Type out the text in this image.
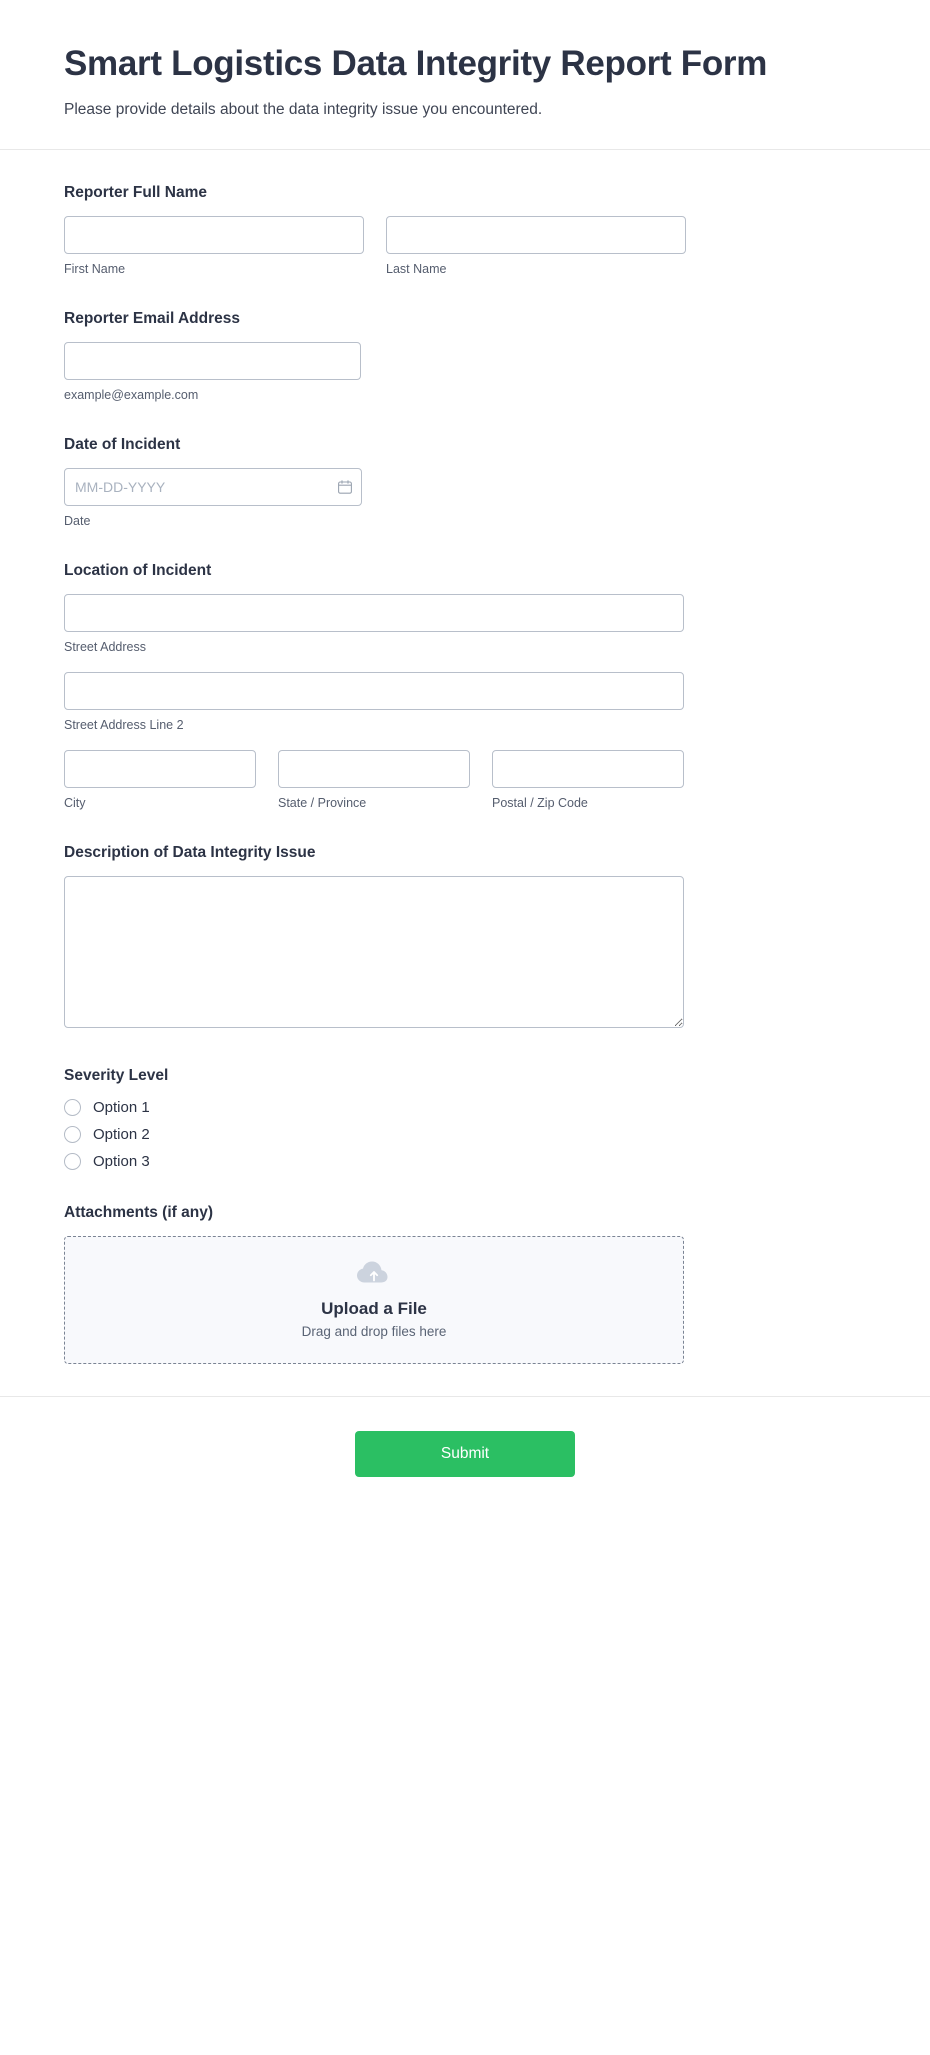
Smart Logistics Data Integrity Report Form

Please provide details about the data integrity issue you encountered.

Reporter Full Name
First Name	Last Name
Reporter Email Address
example@example.com
Date of Incident
MM-DD-YYYY
Date
Location of Incident
Street Address
Street Address Line 2
City	State / Province	Postal / Zip Code
Description of Data Integrity Issue
Severity Level
Option 1
Option 2
Option 3
Attachments (if any)
Upload a File
Drag and drop files here
Submit
